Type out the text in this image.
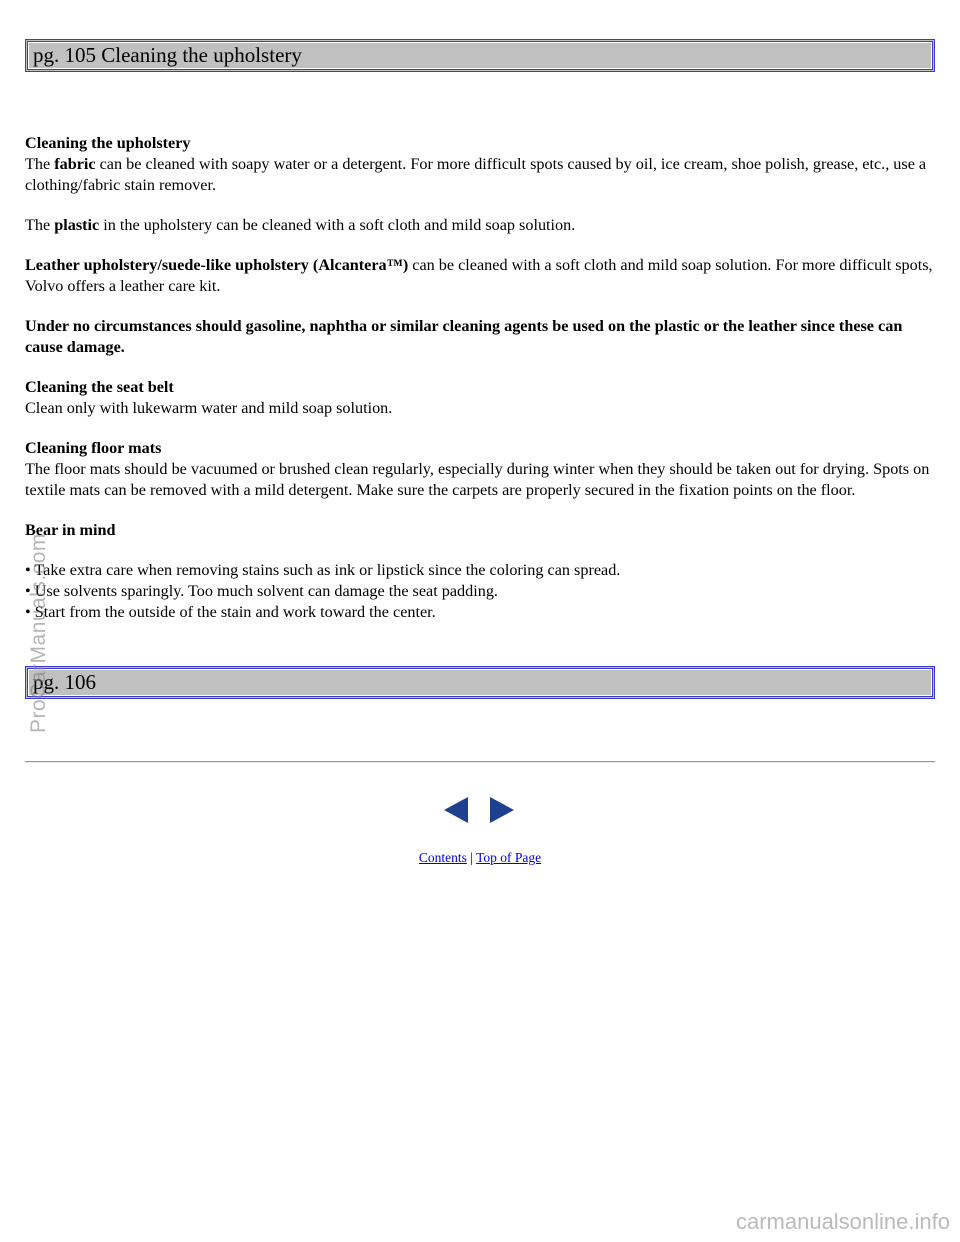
pg. 105 Cleaning the upholstery

Cleaning the upholstery
The fabric can be cleaned with soapy water or a detergent. For more difficult spots caused by oil, ice cream, shoe polish, grease, etc., use a clothing/fabric stain remover.

The plastic in the upholstery can be cleaned with a soft cloth and mild soap solution.

Leather upholstery/suede-like upholstery (Alcantera™) can be cleaned with a soft cloth and mild soap solution. For more difficult spots, Volvo offers a leather care kit.

Under no circumstances should gasoline, naphtha or similar cleaning agents be used on the plastic or the leather since these can cause damage.

Cleaning the seat belt
Clean only with lukewarm water and mild soap solution.

Cleaning floor mats
The floor mats should be vacuumed or brushed clean regularly, especially during winter when they should be taken out for drying. Spots on textile mats can be removed with a mild detergent. Make sure the carpets are properly secured in the fixation points on the floor.

Bear in mind

• Take extra care when removing stains such as ink or lipstick since the coloring can spread.
• Use solvents sparingly. Too much solvent can damage the seat padding.
• Start from the outside of the stain and work toward the center.
pg. 106
Contents | Top of Page
ProCarManuals.com
carmanualsonline.info
